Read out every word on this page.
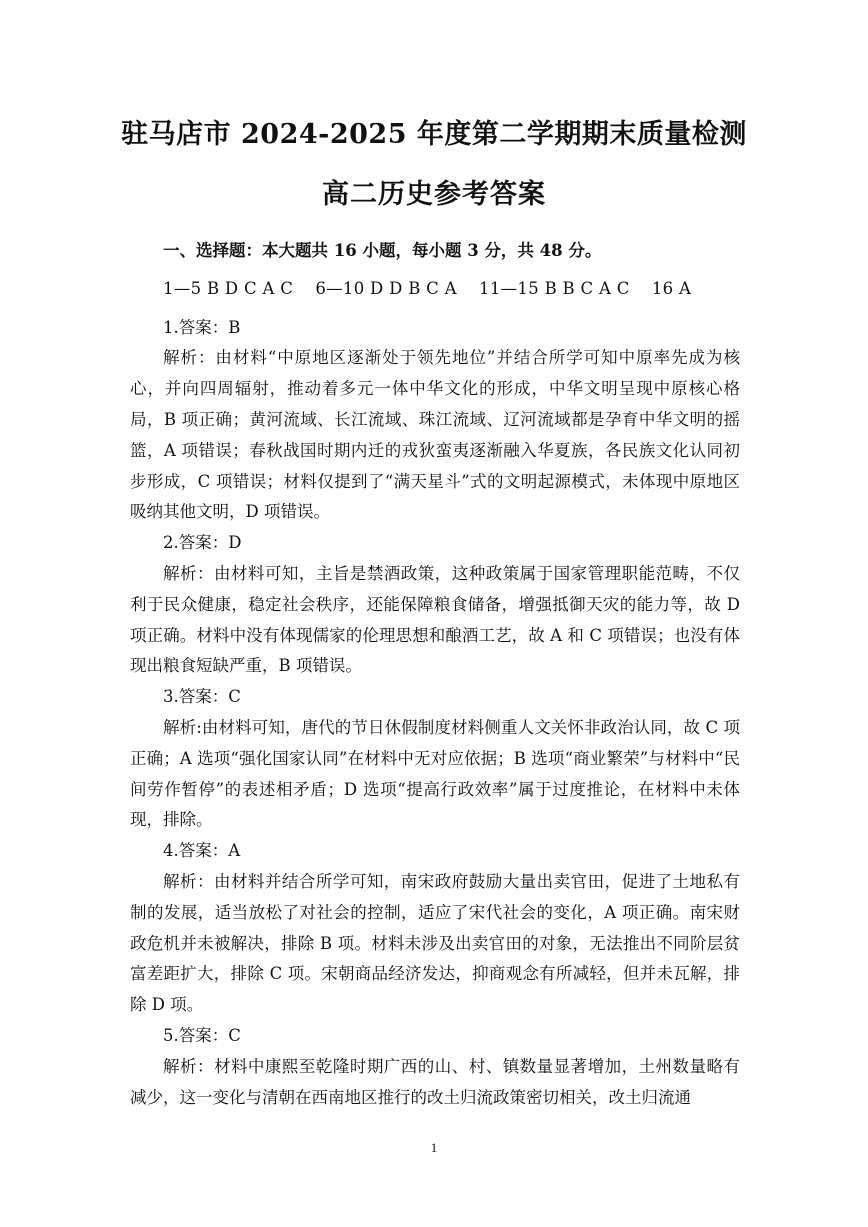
驻马店市 2024-2025 年度第二学期期末质量检测
高二历史参考答案

一、选择题：本大题共 16 小题，每小题 3 分，共 48 分。

1—5 B D C A C    6—10 D D B C A    11—15 B B C A C    16 A

1.答案：B

解析：由材料“中原地区逐渐处于领先地位”并结合所学可知中原率先成为核心，并向四周辐射，推动着多元一体中华文化的形成，中华文明呈现中原核心格局，B 项正确；黄河流域、长江流域、珠江流域、辽河流域都是孕育中华文明的摇篮，A 项错误；春秋战国时期内迁的戎狄蛮夷逐渐融入华夏族，各民族文化认同初步形成，C 项错误；材料仅提到了“满天星斗”式的文明起源模式，未体现中原地区吸纳其他文明，D 项错误。

2.答案：D

解析：由材料可知，主旨是禁酒政策，这种政策属于国家管理职能范畴，不仅利于民众健康，稳定社会秩序，还能保障粮食储备，增强抵御天灾的能力等，故 D 项正确。材料中没有体现儒家的伦理思想和酿酒工艺，故 A 和 C 项错误；也没有体现出粮食短缺严重，B 项错误。

3.答案：C

解析:由材料可知，唐代的节日休假制度材料侧重人文关怀非政治认同，故 C 项正确；A 选项“强化国家认同”在材料中无对应依据；B 选项“商业繁荣”与材料中“民间劳作暂停”的表述相矛盾；D 选项“提高行政效率”属于过度推论，在材料中未体现，排除。

4.答案：A

解析：由材料并结合所学可知，南宋政府鼓励大量出卖官田，促进了土地私有制的发展，适当放松了对社会的控制，适应了宋代社会的变化，A 项正确。南宋财政危机并未被解决，排除 B 项。材料未涉及出卖官田的对象，无法推出不同阶层贫富差距扩大，排除 C 项。宋朝商品经济发达，抑商观念有所减轻，但并未瓦解，排除 D 项。

5.答案：C

解析：材料中康熙至乾隆时期广西的山、村、镇数量显著增加，土州数量略有减少，这一变化与清朝在西南地区推行的改土归流政策密切相关，改土归流通

1
